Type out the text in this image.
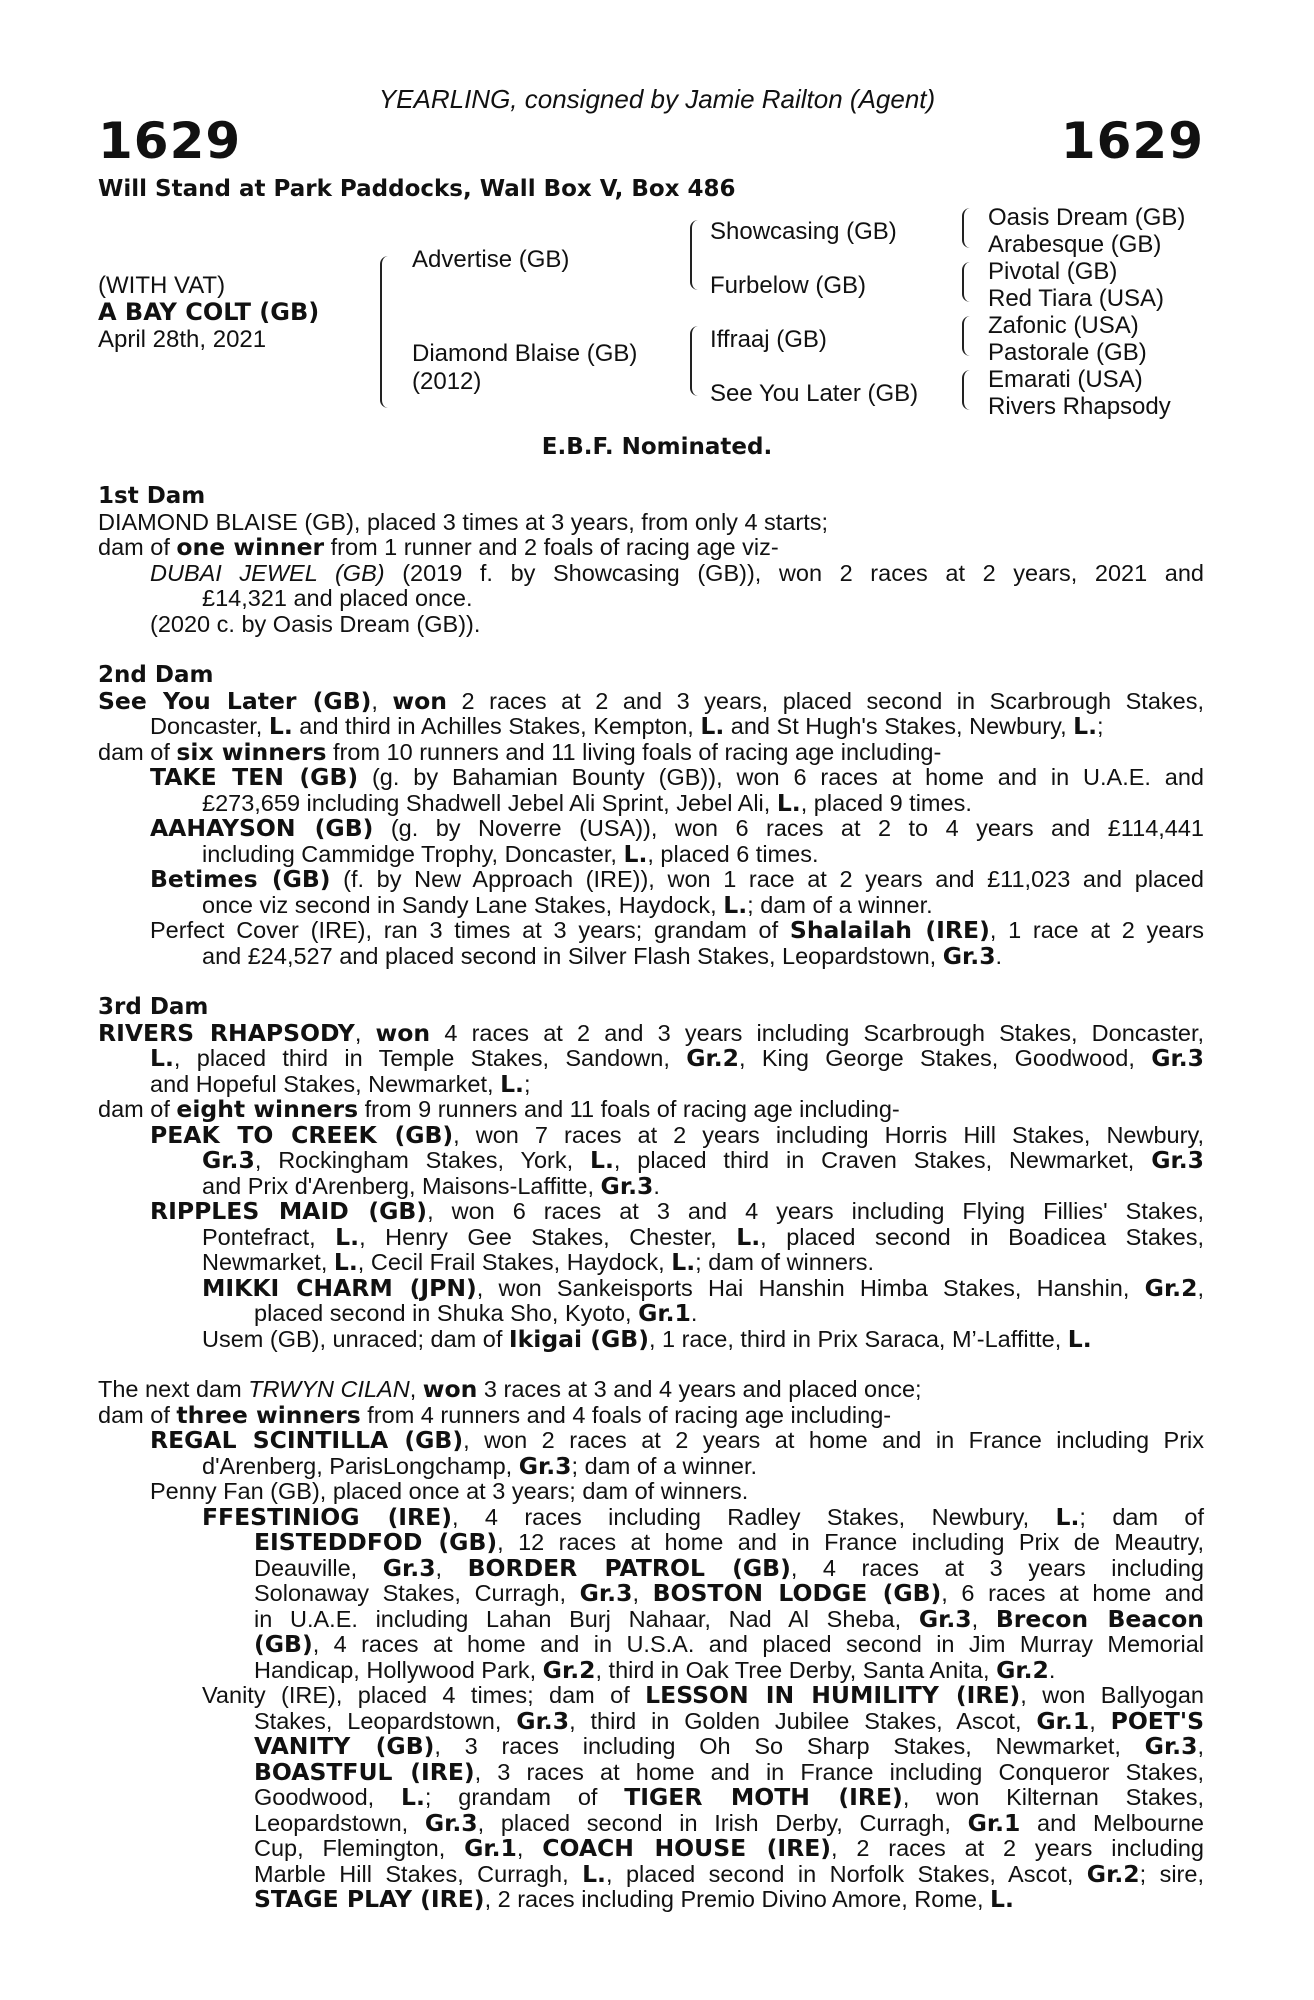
YEARLING, consigned by Jamie Railton (Agent)
1629	1629
Will Stand at Park Paddocks, Wall Box V, Box 486
(WITH VAT)
A BAY COLT (GB)
April 28th, 2021
Advertise (GB)
Diamond Blaise (GB)
(2012)
Showcasing (GB)
Furbelow (GB)
Iffraaj (GB)
See You Later (GB)
Oasis Dream (GB)
Arabesque (GB)
Pivotal (GB)
Red Tiara (USA)
Zafonic (USA)
Pastorale (GB)
Emarati (USA)
Rivers Rhapsody
E.B.F. Nominated.
1st Dam
DIAMOND BLAISE (GB), placed 3 times at 3 years, from only 4 starts;
dam of one winner from 1 runner and 2 foals of racing age viz-
DUBAI JEWEL (GB) (2019 f. by Showcasing (GB)), won 2 races at 2 years, 2021 and
£14,321 and placed once.
(2020 c. by Oasis Dream (GB)).
2nd Dam
See You Later (GB), won 2 races at 2 and 3 years, placed second in Scarbrough Stakes,
Doncaster, L. and third in Achilles Stakes, Kempton, L. and St Hugh's Stakes, Newbury, L.;
dam of six winners from 10 runners and 11 living foals of racing age including-
TAKE TEN (GB) (g. by Bahamian Bounty (GB)), won 6 races at home and in U.A.E. and
£273,659 including Shadwell Jebel Ali Sprint, Jebel Ali, L., placed 9 times.
AAHAYSON (GB) (g. by Noverre (USA)), won 6 races at 2 to 4 years and £114,441
including Cammidge Trophy, Doncaster, L., placed 6 times.
Betimes (GB) (f. by New Approach (IRE)), won 1 race at 2 years and £11,023 and placed
once viz second in Sandy Lane Stakes, Haydock, L.; dam of a winner.
Perfect Cover (IRE), ran 3 times at 3 years; grandam of Shalailah (IRE), 1 race at 2 years
and £24,527 and placed second in Silver Flash Stakes, Leopardstown, Gr.3.
3rd Dam
RIVERS RHAPSODY, won 4 races at 2 and 3 years including Scarbrough Stakes, Doncaster,
L., placed third in Temple Stakes, Sandown, Gr.2, King George Stakes, Goodwood, Gr.3
and Hopeful Stakes, Newmarket, L.;
dam of eight winners from 9 runners and 11 foals of racing age including-
PEAK TO CREEK (GB), won 7 races at 2 years including Horris Hill Stakes, Newbury,
Gr.3, Rockingham Stakes, York, L., placed third in Craven Stakes, Newmarket, Gr.3
and Prix d'Arenberg, Maisons-Laffitte, Gr.3.
RIPPLES MAID (GB), won 6 races at 3 and 4 years including Flying Fillies' Stakes,
Pontefract, L., Henry Gee Stakes, Chester, L., placed second in Boadicea Stakes,
Newmarket, L., Cecil Frail Stakes, Haydock, L.; dam of winners.
MIKKI CHARM (JPN), won Sankeisports Hai Hanshin Himba Stakes, Hanshin, Gr.2,
placed second in Shuka Sho, Kyoto, Gr.1.
Usem (GB), unraced; dam of Ikigai (GB), 1 race, third in Prix Saraca, M’-Laffitte, L.
The next dam TRWYN CILAN, won 3 races at 3 and 4 years and placed once;
dam of three winners from 4 runners and 4 foals of racing age including-
REGAL SCINTILLA (GB), won 2 races at 2 years at home and in France including Prix
d'Arenberg, ParisLongchamp, Gr.3; dam of a winner.
Penny Fan (GB), placed once at 3 years; dam of winners.
FFESTINIOG (IRE), 4 races including Radley Stakes, Newbury, L.; dam of
EISTEDDFOD (GB), 12 races at home and in France including Prix de Meautry,
Deauville, Gr.3, BORDER PATROL (GB), 4 races at 3 years including
Solonaway Stakes, Curragh, Gr.3, BOSTON LODGE (GB), 6 races at home and
in U.A.E. including Lahan Burj Nahaar, Nad Al Sheba, Gr.3, Brecon Beacon
(GB), 4 races at home and in U.S.A. and placed second in Jim Murray Memorial
Handicap, Hollywood Park, Gr.2, third in Oak Tree Derby, Santa Anita, Gr.2.
Vanity (IRE), placed 4 times; dam of LESSON IN HUMILITY (IRE), won Ballyogan
Stakes, Leopardstown, Gr.3, third in Golden Jubilee Stakes, Ascot, Gr.1, POET'S
VANITY (GB), 3 races including Oh So Sharp Stakes, Newmarket, Gr.3,
BOASTFUL (IRE), 3 races at home and in France including Conqueror Stakes,
Goodwood, L.; grandam of TIGER MOTH (IRE), won Kilternan Stakes,
Leopardstown, Gr.3, placed second in Irish Derby, Curragh, Gr.1 and Melbourne
Cup, Flemington, Gr.1, COACH HOUSE (IRE), 2 races at 2 years including
Marble Hill Stakes, Curragh, L., placed second in Norfolk Stakes, Ascot, Gr.2; sire,
STAGE PLAY (IRE), 2 races including Premio Divino Amore, Rome, L.
